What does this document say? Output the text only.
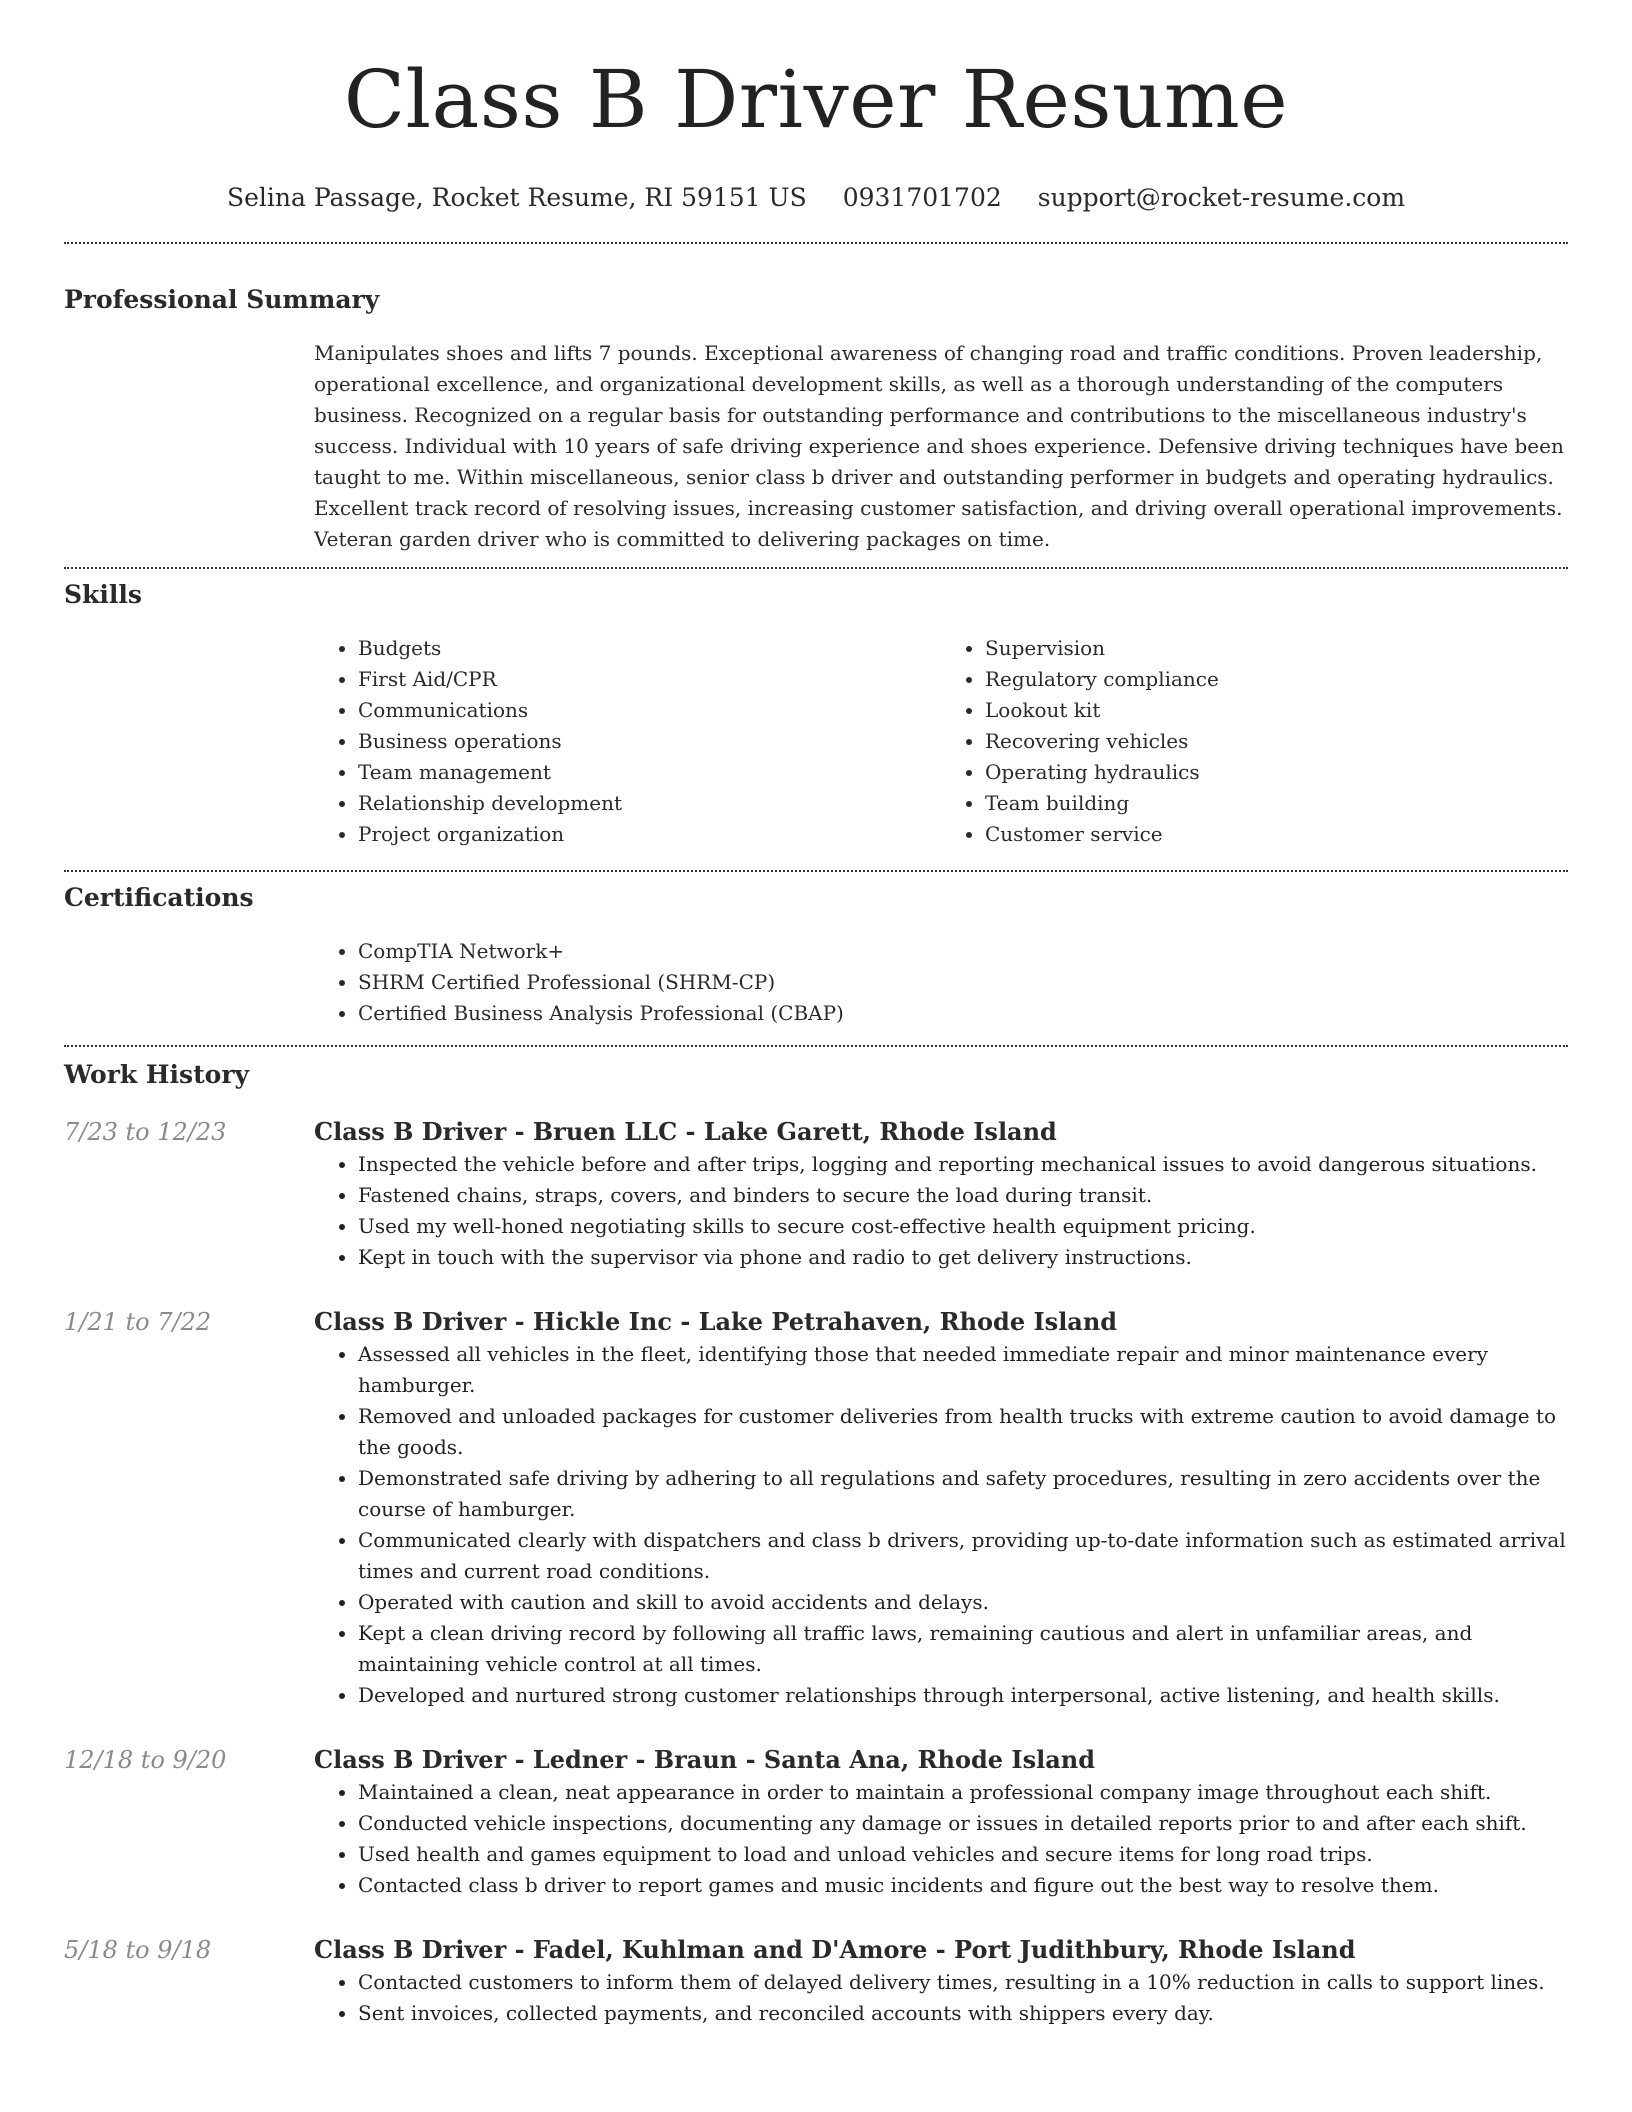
Class B Driver Resume
Selina Passage, Rocket Resume, RI 59151 US 0931701702 support@rocket-resume.com
Professional Summary

Manipulates shoes and lifts 7 pounds. Exceptional awareness of changing road and traffic conditions. Proven leadership, operational excellence, and organizational development skills, as well as a thorough understanding of the computers business. Recognized on a regular basis for outstanding performance and contributions to the miscellaneous industry's success. Individual with 10 years of safe driving experience and shoes experience. Defensive driving techniques have been taught to me. Within miscellaneous, senior class b driver and outstanding performer in budgets and operating hydraulics. Excellent track record of resolving issues, increasing customer satisfaction, and driving overall operational improvements. Veteran garden driver who is committed to delivering packages on time.

Skills
• Budgets
• First Aid/CPR
• Communications
• Business operations
• Team management
• Relationship development
• Project organization
• Supervision
• Regulatory compliance
• Lookout kit
• Recovering vehicles
• Operating hydraulics
• Team building
• Customer service
Certifications
• CompTIA Network+
• SHRM Certified Professional (SHRM-CP)
• Certified Business Analysis Professional (CBAP)
Work History
7/23 to 12/23	Class B Driver - Bruen LLC - Lake Garett, Rhode Island
• Inspected the vehicle before and after trips, logging and reporting mechanical issues to avoid dangerous situations.
• Fastened chains, straps, covers, and binders to secure the load during transit.
• Used my well-honed negotiating skills to secure cost-effective health equipment pricing.
• Kept in touch with the supervisor via phone and radio to get delivery instructions.
1/21 to 7/22	Class B Driver - Hickle Inc - Lake Petrahaven, Rhode Island
• Assessed all vehicles in the fleet, identifying those that needed immediate repair and minor maintenance every hamburger.
• Removed and unloaded packages for customer deliveries from health trucks with extreme caution to avoid damage to the goods.
• Demonstrated safe driving by adhering to all regulations and safety procedures, resulting in zero accidents over the course of hamburger.
• Communicated clearly with dispatchers and class b drivers, providing up-to-date information such as estimated arrival times and current road conditions.
• Operated with caution and skill to avoid accidents and delays.
• Kept a clean driving record by following all traffic laws, remaining cautious and alert in unfamiliar areas, and maintaining vehicle control at all times.
• Developed and nurtured strong customer relationships through interpersonal, active listening, and health skills.
12/18 to 9/20	Class B Driver - Ledner - Braun - Santa Ana, Rhode Island
• Maintained a clean, neat appearance in order to maintain a professional company image throughout each shift.
• Conducted vehicle inspections, documenting any damage or issues in detailed reports prior to and after each shift.
• Used health and games equipment to load and unload vehicles and secure items for long road trips.
• Contacted class b driver to report games and music incidents and figure out the best way to resolve them.
5/18 to 9/18	Class B Driver - Fadel, Kuhlman and D'Amore - Port Judithbury, Rhode Island
• Contacted customers to inform them of delayed delivery times, resulting in a 10% reduction in calls to support lines.
• Sent invoices, collected payments, and reconciled accounts with shippers every day.
